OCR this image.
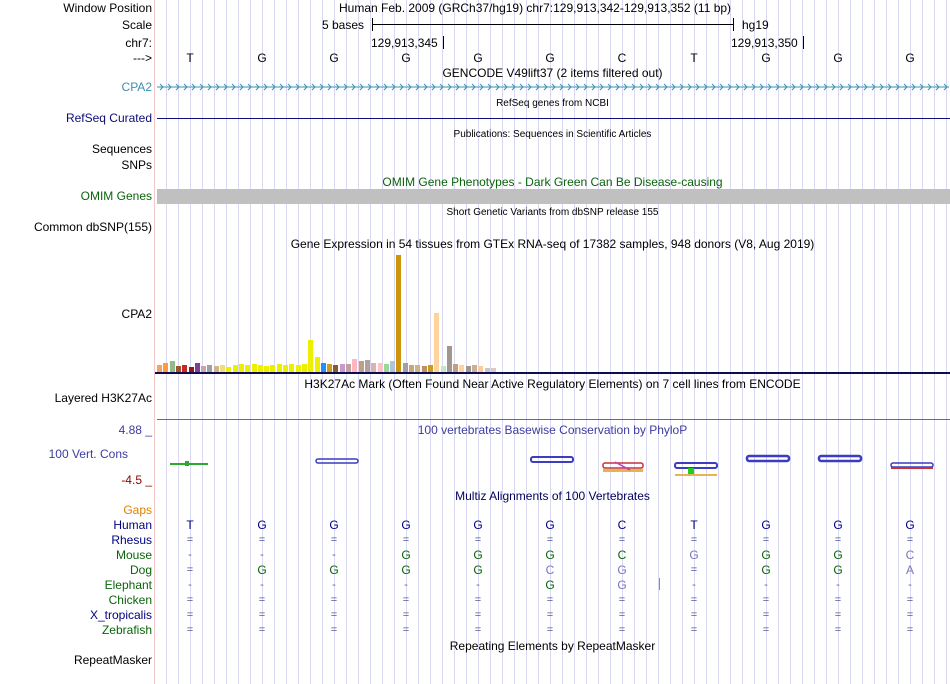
Window Position	Human Feb. 2009 (GRCh37/hg19) chr7:129,913,342-129,913,352 (11 bp)
Scale	5 bases	hg19
chr7:	129,913,345	129,913,350
--->	T	G	G	G	G	G	C	T	G	G	G
GENCODE V49lift37 (2 items filtered out)
CPA2
RefSeq genes from NCBI
RefSeq Curated
Publications: Sequences in Scientific Articles
Sequences
SNPs
OMIM Gene Phenotypes - Dark Green Can Be Disease-causing
OMIM Genes
Short Genetic Variants from dbSNP release 155
Common dbSNP(155)
Gene Expression in 54 tissues from GTEx RNA-seq of 17382 samples, 948 donors (V8, Aug 2019)
CPA2
H3K27Ac Mark (Often Found Near Active Regulatory Elements) on 7 cell lines from ENCODE
Layered H3K27Ac
100 vertebrates Basewise Conservation by PhyloP
4.88 _
100 Vert. Cons
-4.5 _
Multiz Alignments of 100 Vertebrates
Gaps
Human	T	G	G	G	G	G	C	T	G	G	G
Rhesus	=	=	=	=	=	=	=	=	=	=	=
Mouse	-	-	-	G	G	G	C	G	G	G	C
Dog	=	G	G	G	G	C	G	=	G	G	A
Elephant	-	-	-	-	-	G	G	-	-	-	-
Chicken	=	=	=	=	=	=	=	=	=	=	=
X_tropicalis	=	=	=	=	=	=	=	=	=	=	=
Zebrafish	=	=	=	=	=	=	=	=	=	=	=
Repeating Elements by RepeatMasker
RepeatMasker
